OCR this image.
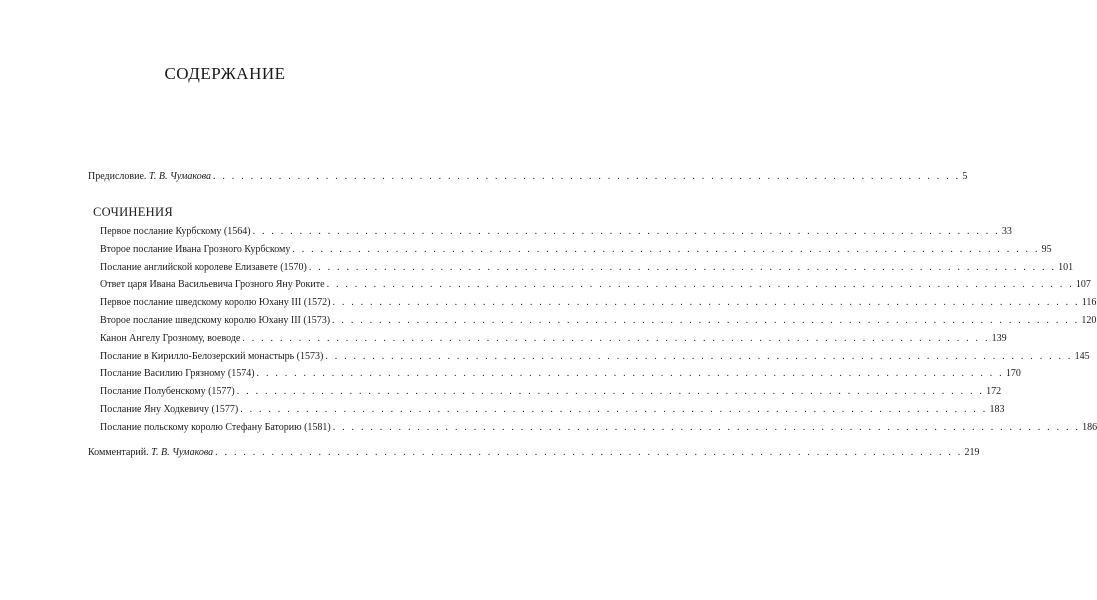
СОДЕРЖАНИЕ
Предисловие. Т. В. Чумакова . . . . . . . . . . . . . . . . . . . . . . . . . . . . . . . . . . . . . . . . . . . . . . . . . . . . . . . . . . . . . . . . . . . . . . . . . . . . . . . . 5
СОЧИНЕНИЯ
Первое послание Курбскому (1564) . . . . . . . . . . . . . . . . . . . . . . . . . . . . . . . . . . . . . . . . . . . . . . . . . . . . . . . . . . . . . . . . . . . . . . . . . . . . . . . . 33
Второе послание Ивана Грозного Курбскому . . . . . . . . . . . . . . . . . . . . . . . . . . . . . . . . . . . . . . . . . . . . . . . . . . . . . . . . . . . . . . . . . . . . . . . . . . . . . . . . 95
Послание английской королеве Елизавете (1570) . . . . . . . . . . . . . . . . . . . . . . . . . . . . . . . . . . . . . . . . . . . . . . . . . . . . . . . . . . . . . . . . . . . . . . . . . . . . . . . . 101
Ответ царя Ивана Васильевича Грозного Яну Роките . . . . . . . . . . . . . . . . . . . . . . . . . . . . . . . . . . . . . . . . . . . . . . . . . . . . . . . . . . . . . . . . . . . . . . . . . . . . . . . . 107
Первое послание шведскому королю Юхану III (1572) . . . . . . . . . . . . . . . . . . . . . . . . . . . . . . . . . . . . . . . . . . . . . . . . . . . . . . . . . . . . . . . . . . . . . . . . . . . . . . . . 116
Второе послание шведскому королю Юхану III (1573) . . . . . . . . . . . . . . . . . . . . . . . . . . . . . . . . . . . . . . . . . . . . . . . . . . . . . . . . . . . . . . . . . . . . . . . . . . . . . . . . 120
Канон Ангелу Грозному, воеводе . . . . . . . . . . . . . . . . . . . . . . . . . . . . . . . . . . . . . . . . . . . . . . . . . . . . . . . . . . . . . . . . . . . . . . . . . . . . . . . . 139
Послание в Кирилло-Белозерский монастырь (1573) . . . . . . . . . . . . . . . . . . . . . . . . . . . . . . . . . . . . . . . . . . . . . . . . . . . . . . . . . . . . . . . . . . . . . . . . . . . . . . . . 145
Послание Василию Грязному (1574) . . . . . . . . . . . . . . . . . . . . . . . . . . . . . . . . . . . . . . . . . . . . . . . . . . . . . . . . . . . . . . . . . . . . . . . . . . . . . . . . 170
Послание Полубенскому (1577) . . . . . . . . . . . . . . . . . . . . . . . . . . . . . . . . . . . . . . . . . . . . . . . . . . . . . . . . . . . . . . . . . . . . . . . . . . . . . . . . 172
Послание Яну Ходкевичу (1577) . . . . . . . . . . . . . . . . . . . . . . . . . . . . . . . . . . . . . . . . . . . . . . . . . . . . . . . . . . . . . . . . . . . . . . . . . . . . . . . . 183
Послание польскому королю Стефану Баторию (1581) . . . . . . . . . . . . . . . . . . . . . . . . . . . . . . . . . . . . . . . . . . . . . . . . . . . . . . . . . . . . . . . . . . . . . . . . . . . . . . . . 186
Комментарий. Т. В. Чумакова . . . . . . . . . . . . . . . . . . . . . . . . . . . . . . . . . . . . . . . . . . . . . . . . . . . . . . . . . . . . . . . . . . . . . . . . . . . . . . . . 219
